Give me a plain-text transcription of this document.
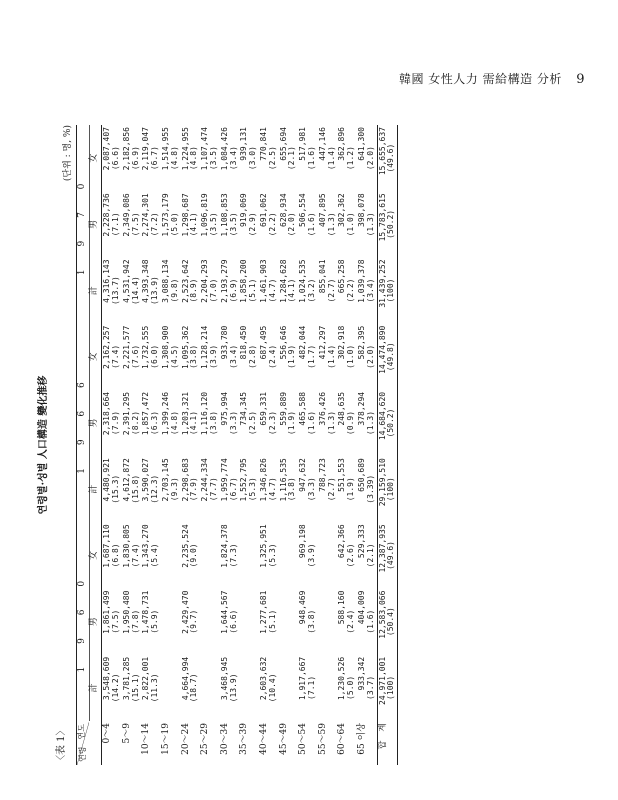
韓國 女性人力 需給構造 分析 9
연령별·성별 人口構造 變化推移
〈表 1〉
(단위 : 명, %)
연도
연령	1 9 6 0			1 9 6 6			1 9 7 0		

	計	男	女	計	男	女	計	男	女
0～4	3,548,609 (14.2)	1,861,499 (7.5)	1,687,110 (6.8)	4,480,921 (15.3)	2,318,664 (7.9)	2,162,257 (7.4)	4,316,143 (13.7)	2,228,736 (7.1)	2,087,407 (6.6)

5～9	3,781,285 (15.1)	1,950,480 (7.8)	1,830,805 (7.4)	4,612,872 (15.8)	2,391,295 (8.2)	2,221,577 (7.6)	4,531,942 (14.4)	2,349,086 (7.5)	2,182,856 (6.9)

10～14	2,822,001 (11.3)	1,478,731 (5.9)	1,343,270 (5.4)	3,590,027 (12.3)	1,857,472 (6.3)	1,732,555 (6.0)	4,393,348 (13.9)	2,274,301 (7.2)	2,119,047 (6.7)

15～19				2,703,145 (9.3)	1,399,246 (4.8)	1,308,900 (4.5)	3,088,134 (9.8)	1,573,179 (5.0)	1,514,955 (4.8)

20～24	4,664,994 (18.7)	2,429,470 (9.7)	2,235,524 (9.0)	2,298,683 (7.9)	1,203,321 (4.1)	1,095,362 (3.8)	2,523,642 (8.9)	1,298,687 (4.1)	1,224,955 (4.8)

25～29				2,244,334 (7.7)	1,116,120 (3.8)	1,128,214 (3.9)	2,204,293 (7.0)	1,096,819 (3.5)	1,107,474 (3.5)

30～34	3,468,945 (13.9)	1,644,567 (6.6)	1,824,378 (7.3)	1,959,774 (6.7)	975,994 (3.3)	933,780 (3.4)	2,193,279 (6.9)	1,108,853 (3.5)	1,084,426 (3.4)

35～39				1,552,795 (5.3)	734,345 (2.5)	818,450 (2.8)	1,858,200 (5.1)	919,069 (2.9)	939,131 (3.0)

40～44	2,603,632 (10.4)	1,277,681 (5.1)	1,325,951 (5.3)	1,346,826 (4.7)	659,331 (2.3)	687,495 (2.4)	1,461,903 (4.7)	691,062 (2.2)	770,841 (2.5)

45～49				1,116,535 (3.8)	559,889 (1.9)	556,646 (1.9)	1,284,628 (4.1)	628,934 (2.0)	655,694 (2.1)

50～54	1,917,667 (7.1)	948,469 (3.8)	969,198 (3.9)	947,632 (3.3)	465,588 (1.6)	482,044 (1.7)	1,024,535 (3.2)	506,554 (1.6)	517,981 (1.6)

55～59				788,723 (2.7)	376,426 (1.3)	412,297 (1.4)	855,041 (2.7)	407,895 (1.3)	447,146 (1.4)

60～64	1,230,526 (5.0)	588,160 (2.4)	642,366 (2.6)	551,553 (1.9)	248,635 (0.9)	302,918 (1.0)	665,258 (2.2)	302,362 (1.0)	362,896 (1.2)

65 이상	933,342 (3.7)	404,009 (1.6)	529,333 (2.1)	650,689 (3.39)	378,294 (1.3)	582,395 (2.0)	1,039,378 (3.4)	398,078 (1.3)	641,300 (2.0)

합　계	24,971,001 (100)	12,583,066 (50.4)	12,387,935 (49.6)	29,159,510 (100)	14,684,620 (50.2)	14,474,890 (49.8)	31,439,252 (100)	15,783,615 (50.2)	15,655,637 (49.6)
